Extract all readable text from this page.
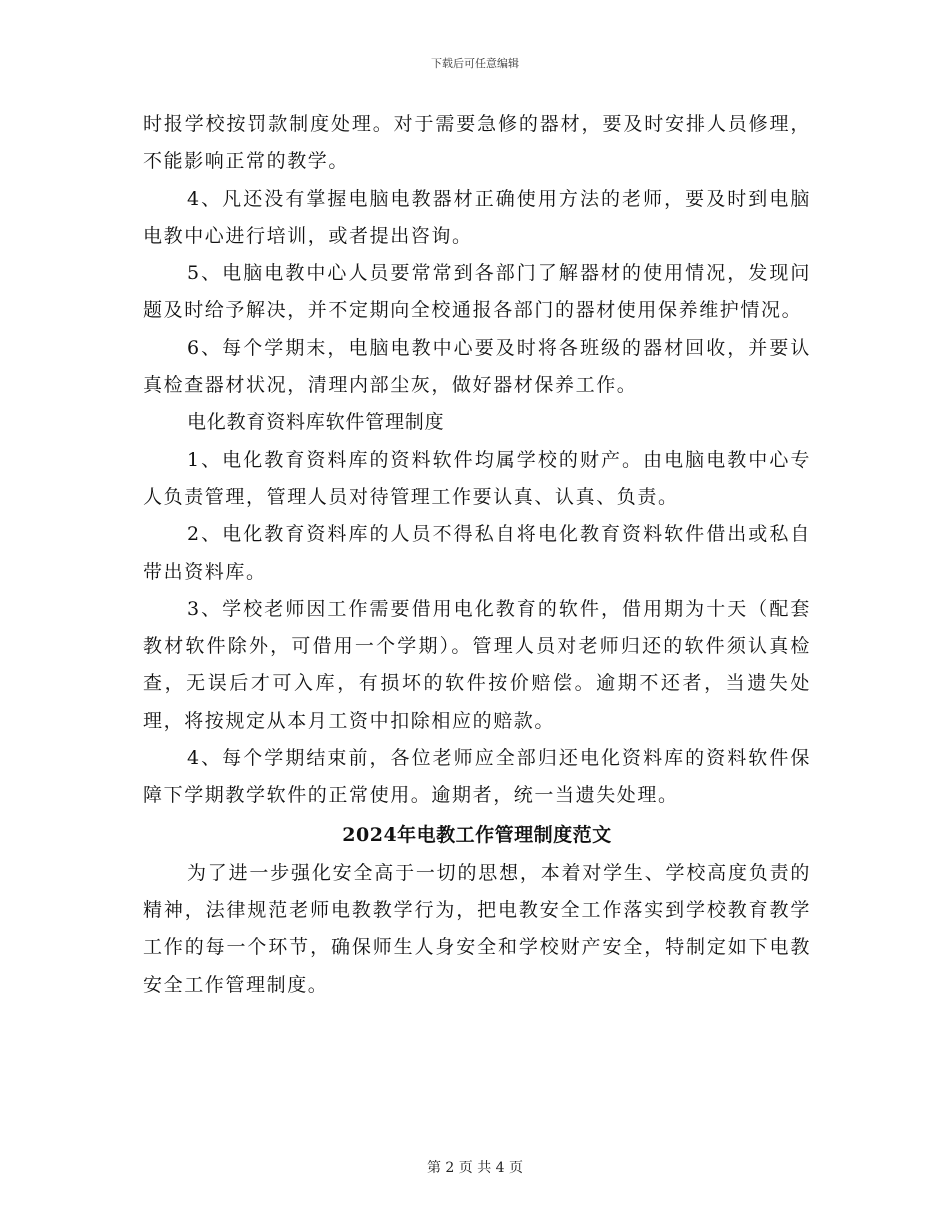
下载后可任意编辑

时报学校按罚款制度处理。对于需要急修的器材，要及时安排人员修理，不能影响正常的教学。

4、凡还没有掌握电脑电教器材正确使用方法的老师，要及时到电脑电教中心进行培训，或者提出咨询。

5、电脑电教中心人员要常常到各部门了解器材的使用情况，发现问题及时给予解决，并不定期向全校通报各部门的器材使用保养维护情况。

6、每个学期末，电脑电教中心要及时将各班级的器材回收，并要认真检查器材状况，清理内部尘灰，做好器材保养工作。

电化教育资料库软件管理制度

1、电化教育资料库的资料软件均属学校的财产。由电脑电教中心专人负责管理，管理人员对待管理工作要认真、认真、负责。

2、电化教育资料库的人员不得私自将电化教育资料软件借出或私自带出资料库。

3、学校老师因工作需要借用电化教育的软件，借用期为十天（配套教材软件除外，可借用一个学期）。管理人员对老师归还的软件须认真检查，无误后才可入库，有损坏的软件按价赔偿。逾期不还者，当遗失处理，将按规定从本月工资中扣除相应的赔款。

4、每个学期结束前，各位老师应全部归还电化资料库的资料软件保障下学期教学软件的正常使用。逾期者，统一当遗失处理。

2024年电教工作管理制度范文

为了进一步强化安全高于一切的思想，本着对学生、学校高度负责的精神，法律规范老师电教教学行为，把电教安全工作落实到学校教育教学工作的每一个环节，确保师生人身安全和学校财产安全，特制定如下电教安全工作管理制度。

第 2 页 共 4 页
